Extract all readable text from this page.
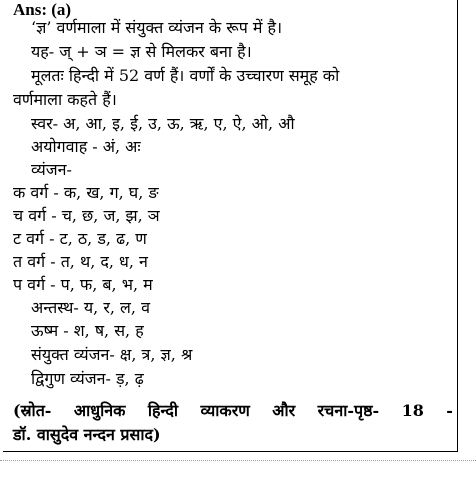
Ans: (a)
‘ज्ञ’ वर्णमाला में संयुक्त व्यंजन के रूप में है।
यह- ज् + ञ = ज्ञ से मिलकर बना है।
मूलतः हिन्दी में 52 वर्ण हैं। वर्णों के उच्चारण समूह को
वर्णमाला कहते हैं।
स्वर- अ, आ, इ, ई, उ, ऊ, ऋ, ए, ऐ, ओ, औ
अयोगवाह - अं, अः
व्यंजन-
क वर्ग - क, ख, ग, घ, ङ
च वर्ग - च, छ, ज, झ, ञ
ट वर्ग - ट, ठ, ड, ढ, ण
त वर्ग - त, थ, द, ध, न
प वर्ग - प, फ, ब, भ, म
अन्तस्थ- य, र, ल, व
ऊष्म - श, ष, स, ह
संयुक्त व्यंजन- क्ष, त्र, ज्ञ, श्र
द्विगुण व्यंजन- ड़, ढ़
(स्रोत- आधुनिक हिन्दी व्याकरण और रचना-पृष्ठ- 18 -
डॉ. वासुदेव नन्दन प्रसाद)
